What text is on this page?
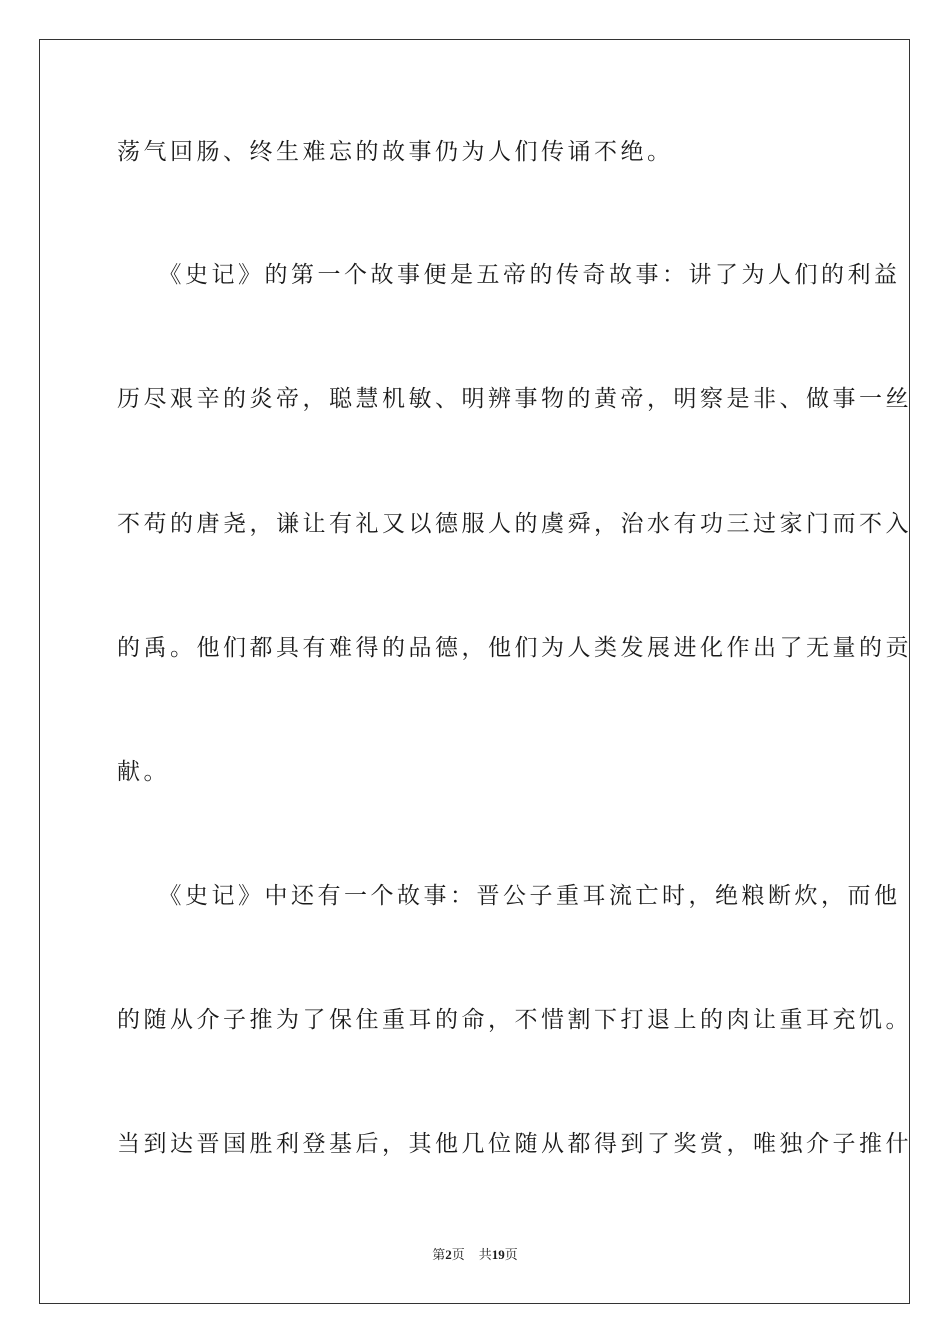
荡气回肠、终生难忘的故事仍为人们传诵不绝。

　　《史记》的第一个故事便是五帝的传奇故事：讲了为人们的利益

历尽艰辛的炎帝，聪慧机敏、明辨事物的黄帝，明察是非、做事一丝

不苟的唐尧，谦让有礼又以德服人的虞舜，治水有功三过家门而不入

的禹。他们都具有难得的品德，他们为人类发展进化作出了无量的贡

献。

　　《史记》中还有一个故事：晋公子重耳流亡时，绝粮断炊，而他

的随从介子推为了保住重耳的命，不惜割下打退上的肉让重耳充饥。

当到达晋国胜利登基后，其他几位随从都得到了奖赏，唯独介子推什

第2页 共19页
